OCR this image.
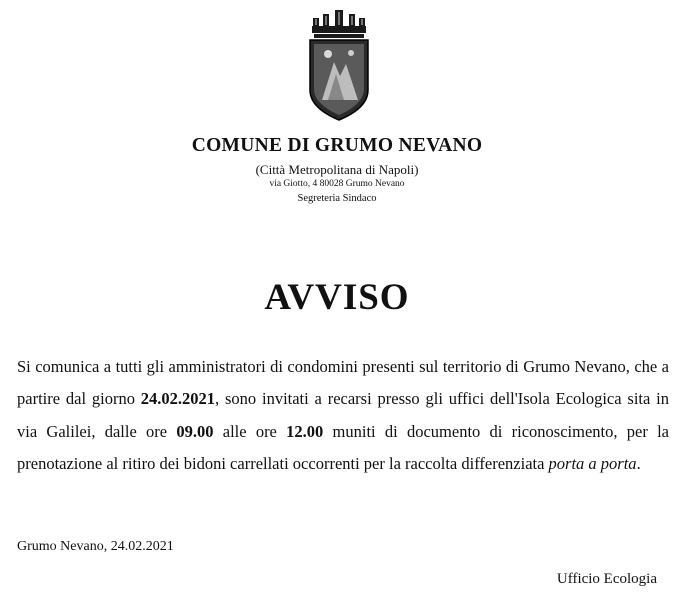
COMUNE DI GRUMO NEVANO
(Città Metropolitana di Napoli)
via Giotto, 4 80028 Grumo Nevano
Segreteria Sindaco
AVVISO
Si comunica a tutti gli amministratori di condomini presenti sul territorio di Grumo Nevano, che a partire dal giorno 24.02.2021, sono invitati a recarsi presso gli uffici dell'Isola Ecologica sita in via Galilei, dalle ore 09.00 alle ore 12.00 muniti di documento di riconoscimento, per la prenotazione al ritiro dei bidoni carrellati occorrenti per la raccolta differenziata porta a porta.
Grumo Nevano, 24.02.2021
Ufficio Ecologia
